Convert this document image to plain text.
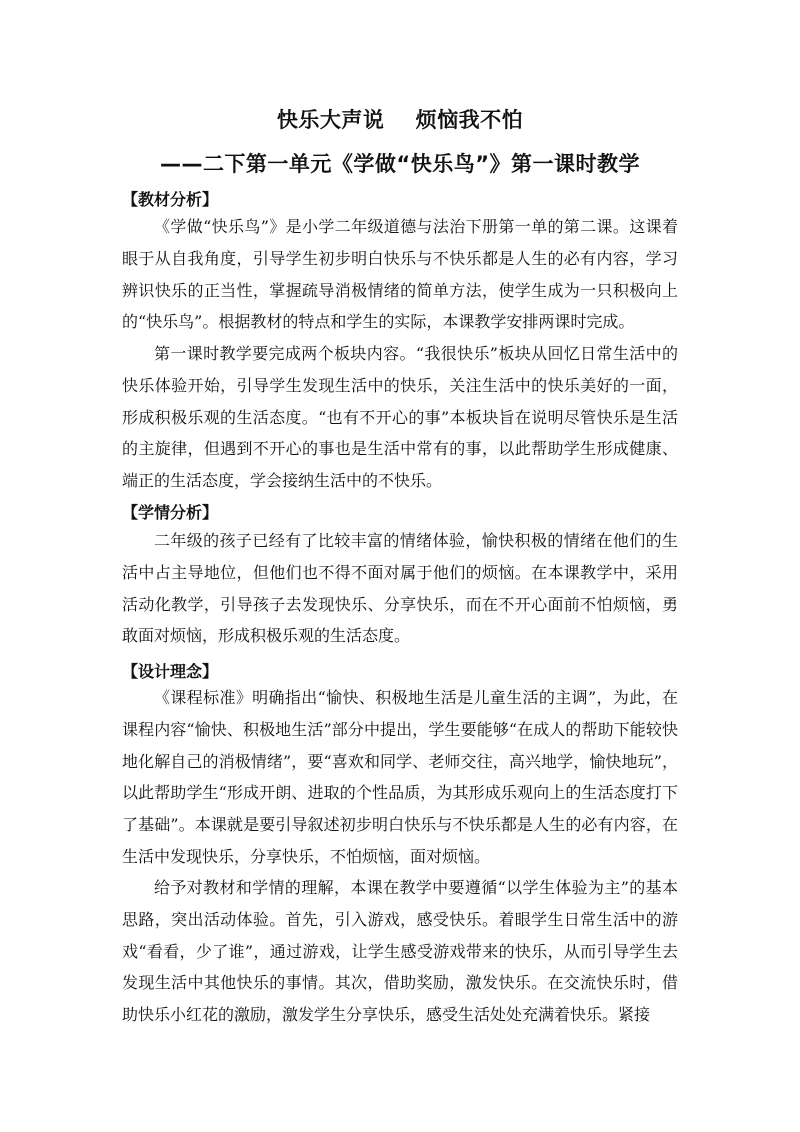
快乐大声说    烦恼我不怕
——二下第一单元《学做“快乐鸟”》第一课时教学
【教材分析】

《学做“快乐鸟”》是小学二年级道德与法治下册第一单的第二课。这课着眼于从自我角度，引导学生初步明白快乐与不快乐都是人生的必有内容，学习辨识快乐的正当性，掌握疏导消极情绪的简单方法，使学生成为一只积极向上的“快乐鸟”。根据教材的特点和学生的实际，本课教学安排两课时完成。

第一课时教学要完成两个板块内容。“我很快乐”板块从回忆日常生活中的快乐体验开始，引导学生发现生活中的快乐，关注生活中的快乐美好的一面，形成积极乐观的生活态度。“也有不开心的事”本板块旨在说明尽管快乐是生活的主旋律，但遇到不开心的事也是生活中常有的事，以此帮助学生形成健康、端正的生活态度，学会接纳生活中的不快乐。

【学情分析】

二年级的孩子已经有了比较丰富的情绪体验，愉快积极的情绪在他们的生活中占主导地位，但他们也不得不面对属于他们的烦恼。在本课教学中，采用活动化教学，引导孩子去发现快乐、分享快乐，而在不开心面前不怕烦恼，勇敢面对烦恼，形成积极乐观的生活态度。

【设计理念】

《课程标准》明确指出“愉快、积极地生活是儿童生活的主调”，为此，在课程内容“愉快、积极地生活”部分中提出，学生要能够“在成人的帮助下能较快地化解自己的消极情绪”，要“喜欢和同学、老师交往，高兴地学，愉快地玩”，以此帮助学生“形成开朗、进取的个性品质，为其形成乐观向上的生活态度打下了基础”。本课就是要引导叙述初步明白快乐与不快乐都是人生的必有内容，在生活中发现快乐，分享快乐，不怕烦恼，面对烦恼。

给予对教材和学情的理解，本课在教学中要遵循“以学生体验为主”的基本思路，突出活动体验。首先，引入游戏，感受快乐。着眼学生日常生活中的游戏“看看，少了谁”，通过游戏，让学生感受游戏带来的快乐，从而引导学生去发现生活中其他快乐的事情。其次，借助奖励，激发快乐。在交流快乐时，借助快乐小红花的激励，激发学生分享快乐，感受生活处处充满着快乐。紧接
